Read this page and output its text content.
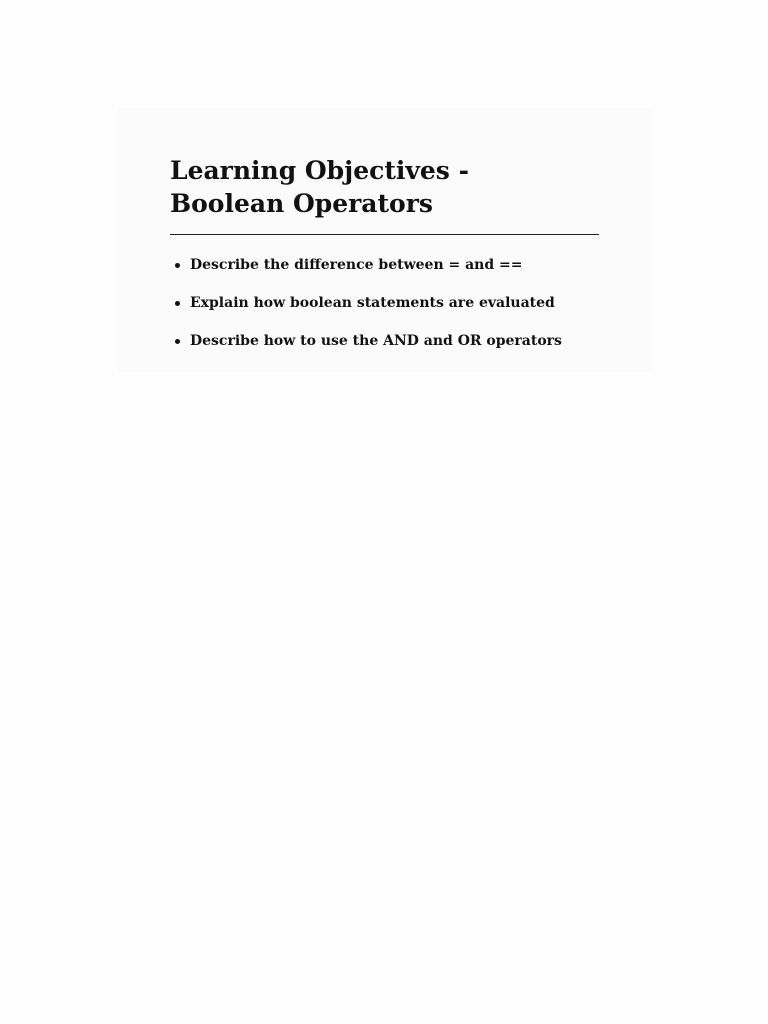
Learning Objectives - Boolean Operators
Describe the difference between = and ==
Explain how boolean statements are evaluated
Describe how to use the AND and OR operators
